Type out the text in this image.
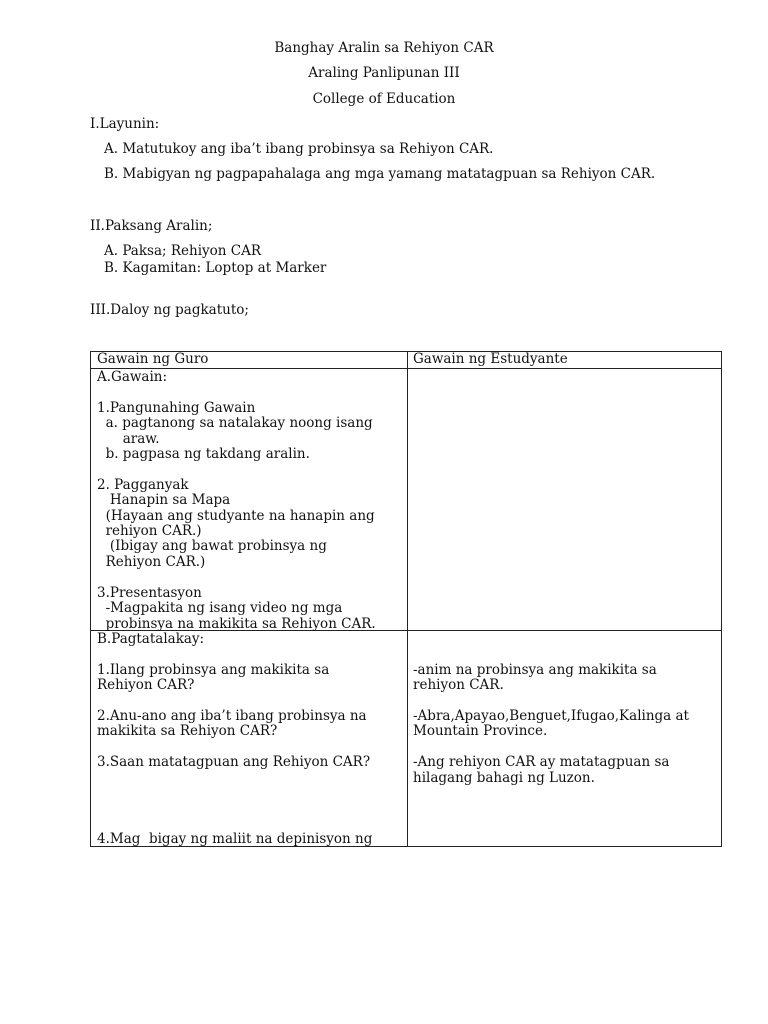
Banghay Aralin sa Rehiyon CAR
Araling Panlipunan III
College of Education
I.Layunin:
A. Matutukoy ang iba’t ibang probinsya sa Rehiyon CAR.
B. Mabigyan ng pagpapahalaga ang mga yamang matatagpuan sa Rehiyon CAR.
II.Paksang Aralin;
A. Paksa; Rehiyon CAR
B. Kagamitan: Loptop at Marker
III.Daloy ng pagkatuto;
Gawain ng Guro	Gawain ng Estudyante

A.Gawain:

1.Pangunahing Gawain

a. pagtanong sa natalakay noong isang

araw.

b. pagpasa ng takdang aralin.

2. Pagganyak

Hanapin sa Mapa

(Hayaan ang studyante na hanapin ang

rehiyon CAR.)

(Ibigay ang bawat probinsya ng

Rehiyon CAR.)

3.Presentasyon

-Magpakita ng isang video ng mga

probinsya na makikita sa Rehiyon CAR.

B.Pagtatalakay:

1.Ilang probinsya ang makikita sa

Rehiyon CAR?

2.Anu-ano ang iba’t ibang probinsya na

makikita sa Rehiyon CAR?

3.Saan matatagpuan ang Rehiyon CAR?

4.Mag  bigay ng maliit na depinisyon ng

-anim na probinsya ang makikita sa

rehiyon CAR.

-Abra,Apayao,Benguet,Ifugao,Kalinga at

Mountain Province.

-Ang rehiyon CAR ay matatagpuan sa

hilagang bahagi ng Luzon.
